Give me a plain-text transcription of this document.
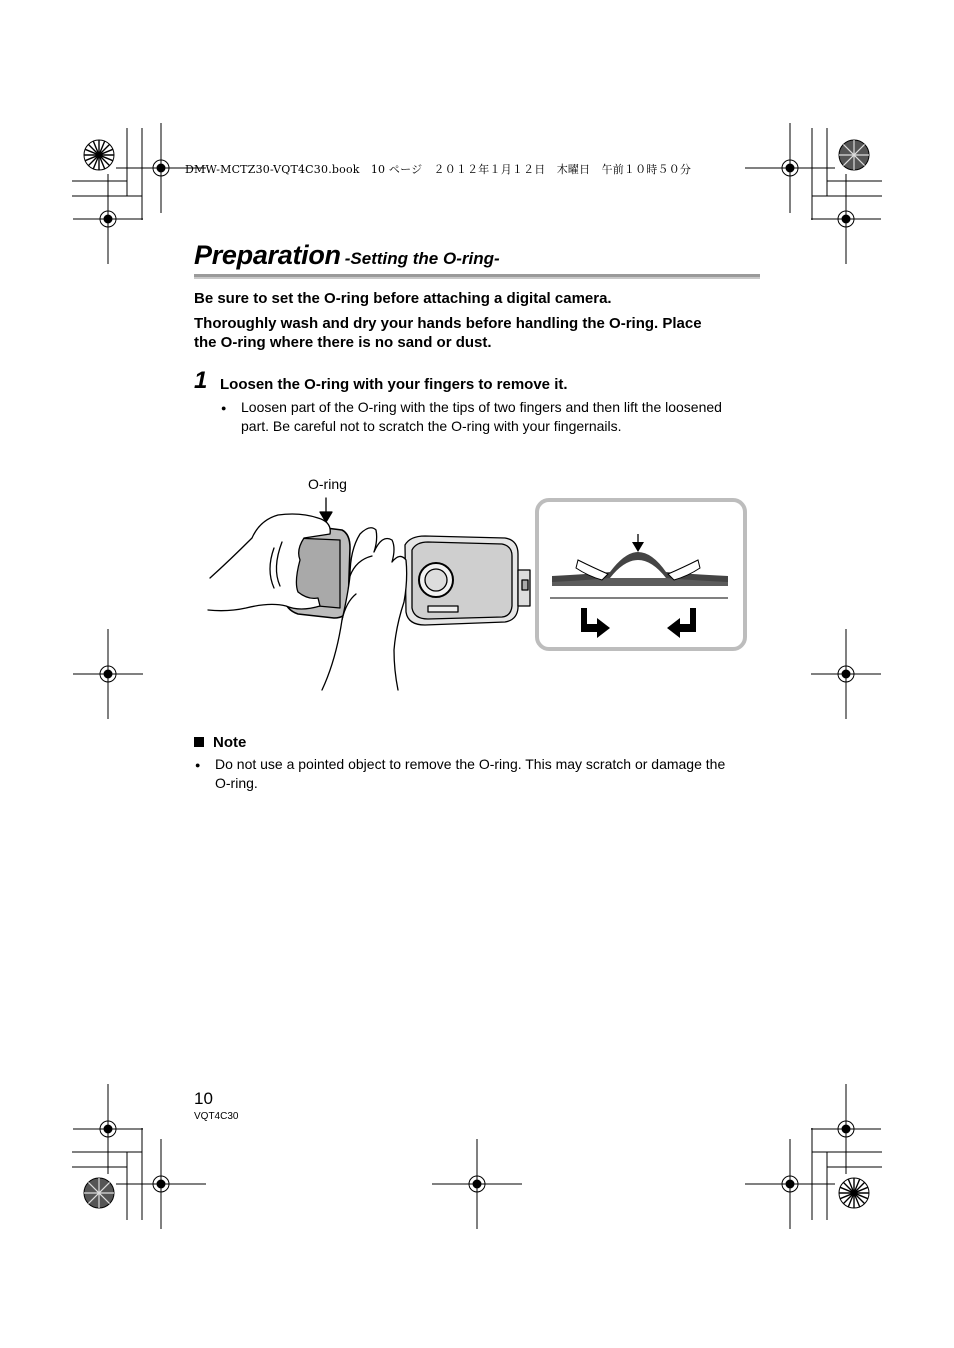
DMW-MCTZ30-VQT4C30.book　10 ページ　２０１２年１月１２日　木曜日　午前１０時５０分
Preparation -Setting the O-ring-
Be sure to set the O-ring before attaching a digital camera.
Thoroughly wash and dry your hands before handling the O-ring. Place
the O-ring where there is no sand or dust.
1 Loosen the O-ring with your fingers to remove it.
● Loosen part of the O-ring with the tips of two fingers and then lift the loosened
part. Be careful not to scratch the O-ring with your fingernails.
O-ring
Note
● Do not use a pointed object to remove the O-ring. This may scratch or damage the
O-ring.
10
VQT4C30
